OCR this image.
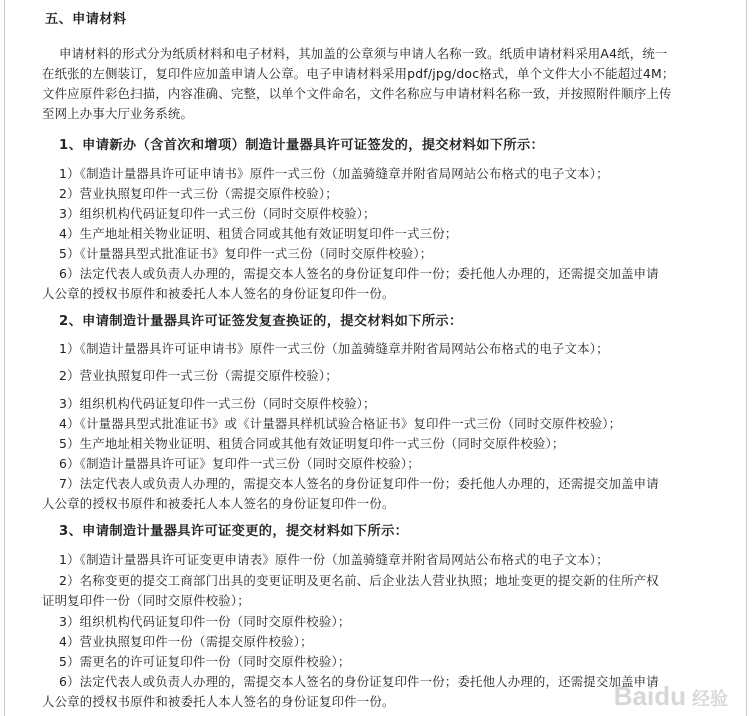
五、申请材料
申请材料的形式分为纸质材料和电子材料，其加盖的公章须与申请人名称一致。纸质申请材料采用A4纸，统一
在纸张的左侧装订，复印件应加盖申请人公章。电子申请材料采用pdf/jpg/doc格式，单个文件大小不能超过4M；
文件应原件彩色扫描，内容准确、完整，以单个文件命名，文件名称应与申请材料名称一致，并按照附件顺序上传
至网上办事大厅业务系统。
1、申请新办（含首次和增项）制造计量器具许可证签发的，提交材料如下所示：
1）《制造计量器具许可证申请书》原件一式三份（加盖骑缝章并附省局网站公布格式的电子文本）；
2）营业执照复印件一式三份（需提交原件校验）；
3）组织机构代码证复印件一式三份（同时交原件校验）；
4）生产地址相关物业证明、租赁合同或其他有效证明复印件一式三份；
5）《计量器具型式批准证书》复印件一式三份（同时交原件校验）；
6）法定代表人或负责人办理的，需提交本人签名的身份证复印件一份；委托他人办理的，还需提交加盖申请
人公章的授权书原件和被委托人本人签名的身份证复印件一份。
2、申请制造计量器具许可证签发复查换证的，提交材料如下所示：
1）《制造计量器具许可证申请书》原件一式三份（加盖骑缝章并附省局网站公布格式的电子文本）；
2）营业执照复印件一式三份（需提交原件校验）；
3）组织机构代码证复印件一式三份（同时交原件校验）；
4）《计量器具型式批准证书》或《计量器具样机试验合格证书》复印件一式三份（同时交原件校验）；
5）生产地址相关物业证明、租赁合同或其他有效证明复印件一式三份（同时交原件校验）；
6）《制造计量器具许可证》复印件一式三份（同时交原件校验）；
7）法定代表人或负责人办理的，需提交本人签名的身份证复印件一份；委托他人办理的，还需提交加盖申请
人公章的授权书原件和被委托人本人签名的身份证复印件一份。
3、申请制造计量器具许可证变更的，提交材料如下所示：
1）《制造计量器具许可证变更申请表》原件一份（加盖骑缝章并附省局网站公布格式的电子文本）；
2）名称变更的提交工商部门出具的变更证明及更名前、后企业法人营业执照；地址变更的提交新的住所产权
证明复印件一份（同时交原件校验）；
3）组织机构代码证复印件一份（同时交原件校验）；
4）营业执照复印件一份（需提交原件校验）；
5）需更名的许可证复印件一份（同时交原件校验）；
6）法定代表人或负责人办理的，需提交本人签名的身份证复印件一份；委托他人办理的，还需提交加盖申请
人公章的授权书原件和被委托人本人签名的身份证复印件一份。	Baidu 经验
